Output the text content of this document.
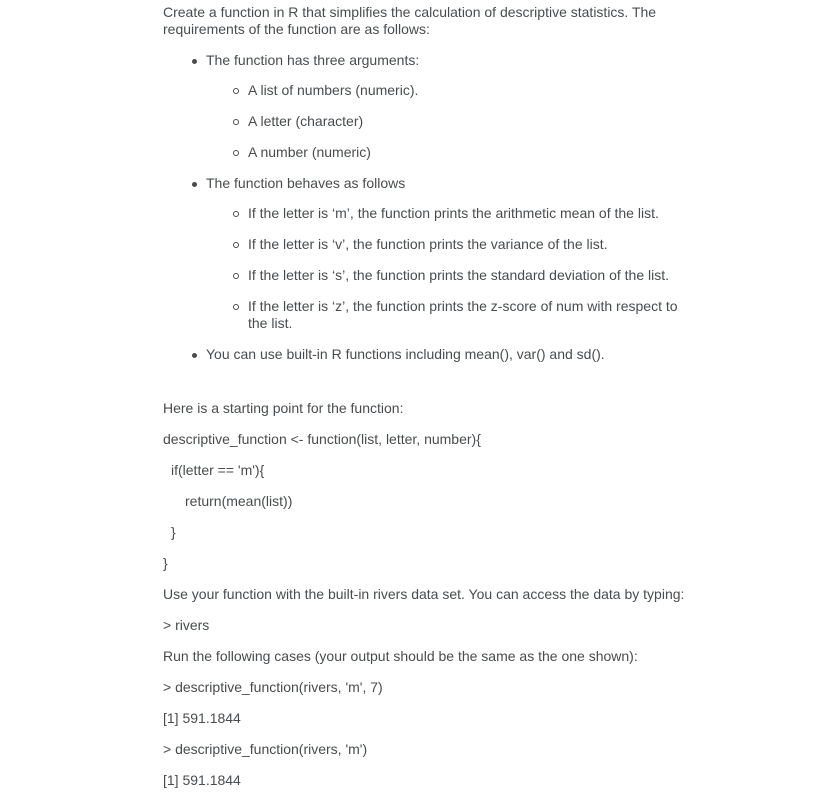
Create a function in R that simplifies the calculation of descriptive statistics. The requirements of the function are as follows:

The function has three arguments:
A list of numbers (numeric).
A letter (character)
A number (numeric)
The function behaves as follows
If the letter is ‘m’, the function prints the arithmetic mean of the list.
If the letter is ‘v’, the function prints the variance of the list.
If the letter is ‘s’, the function prints the standard deviation of the list.
If the letter is ‘z’, the function prints the z-score of num with respect to the list.
You can use built-in R functions including mean(), var() and sd().

Here is a starting point for the function:

descriptive_function <- function(list, letter, number){

if(letter == 'm'){

return(mean(list))

}

}

Use your function with the built-in rivers data set. You can access the data by typing:

> rivers

Run the following cases (your output should be the same as the one shown):

> descriptive_function(rivers, 'm', 7)

[1] 591.1844

> descriptive_function(rivers, 'm')

[1] 591.1844
